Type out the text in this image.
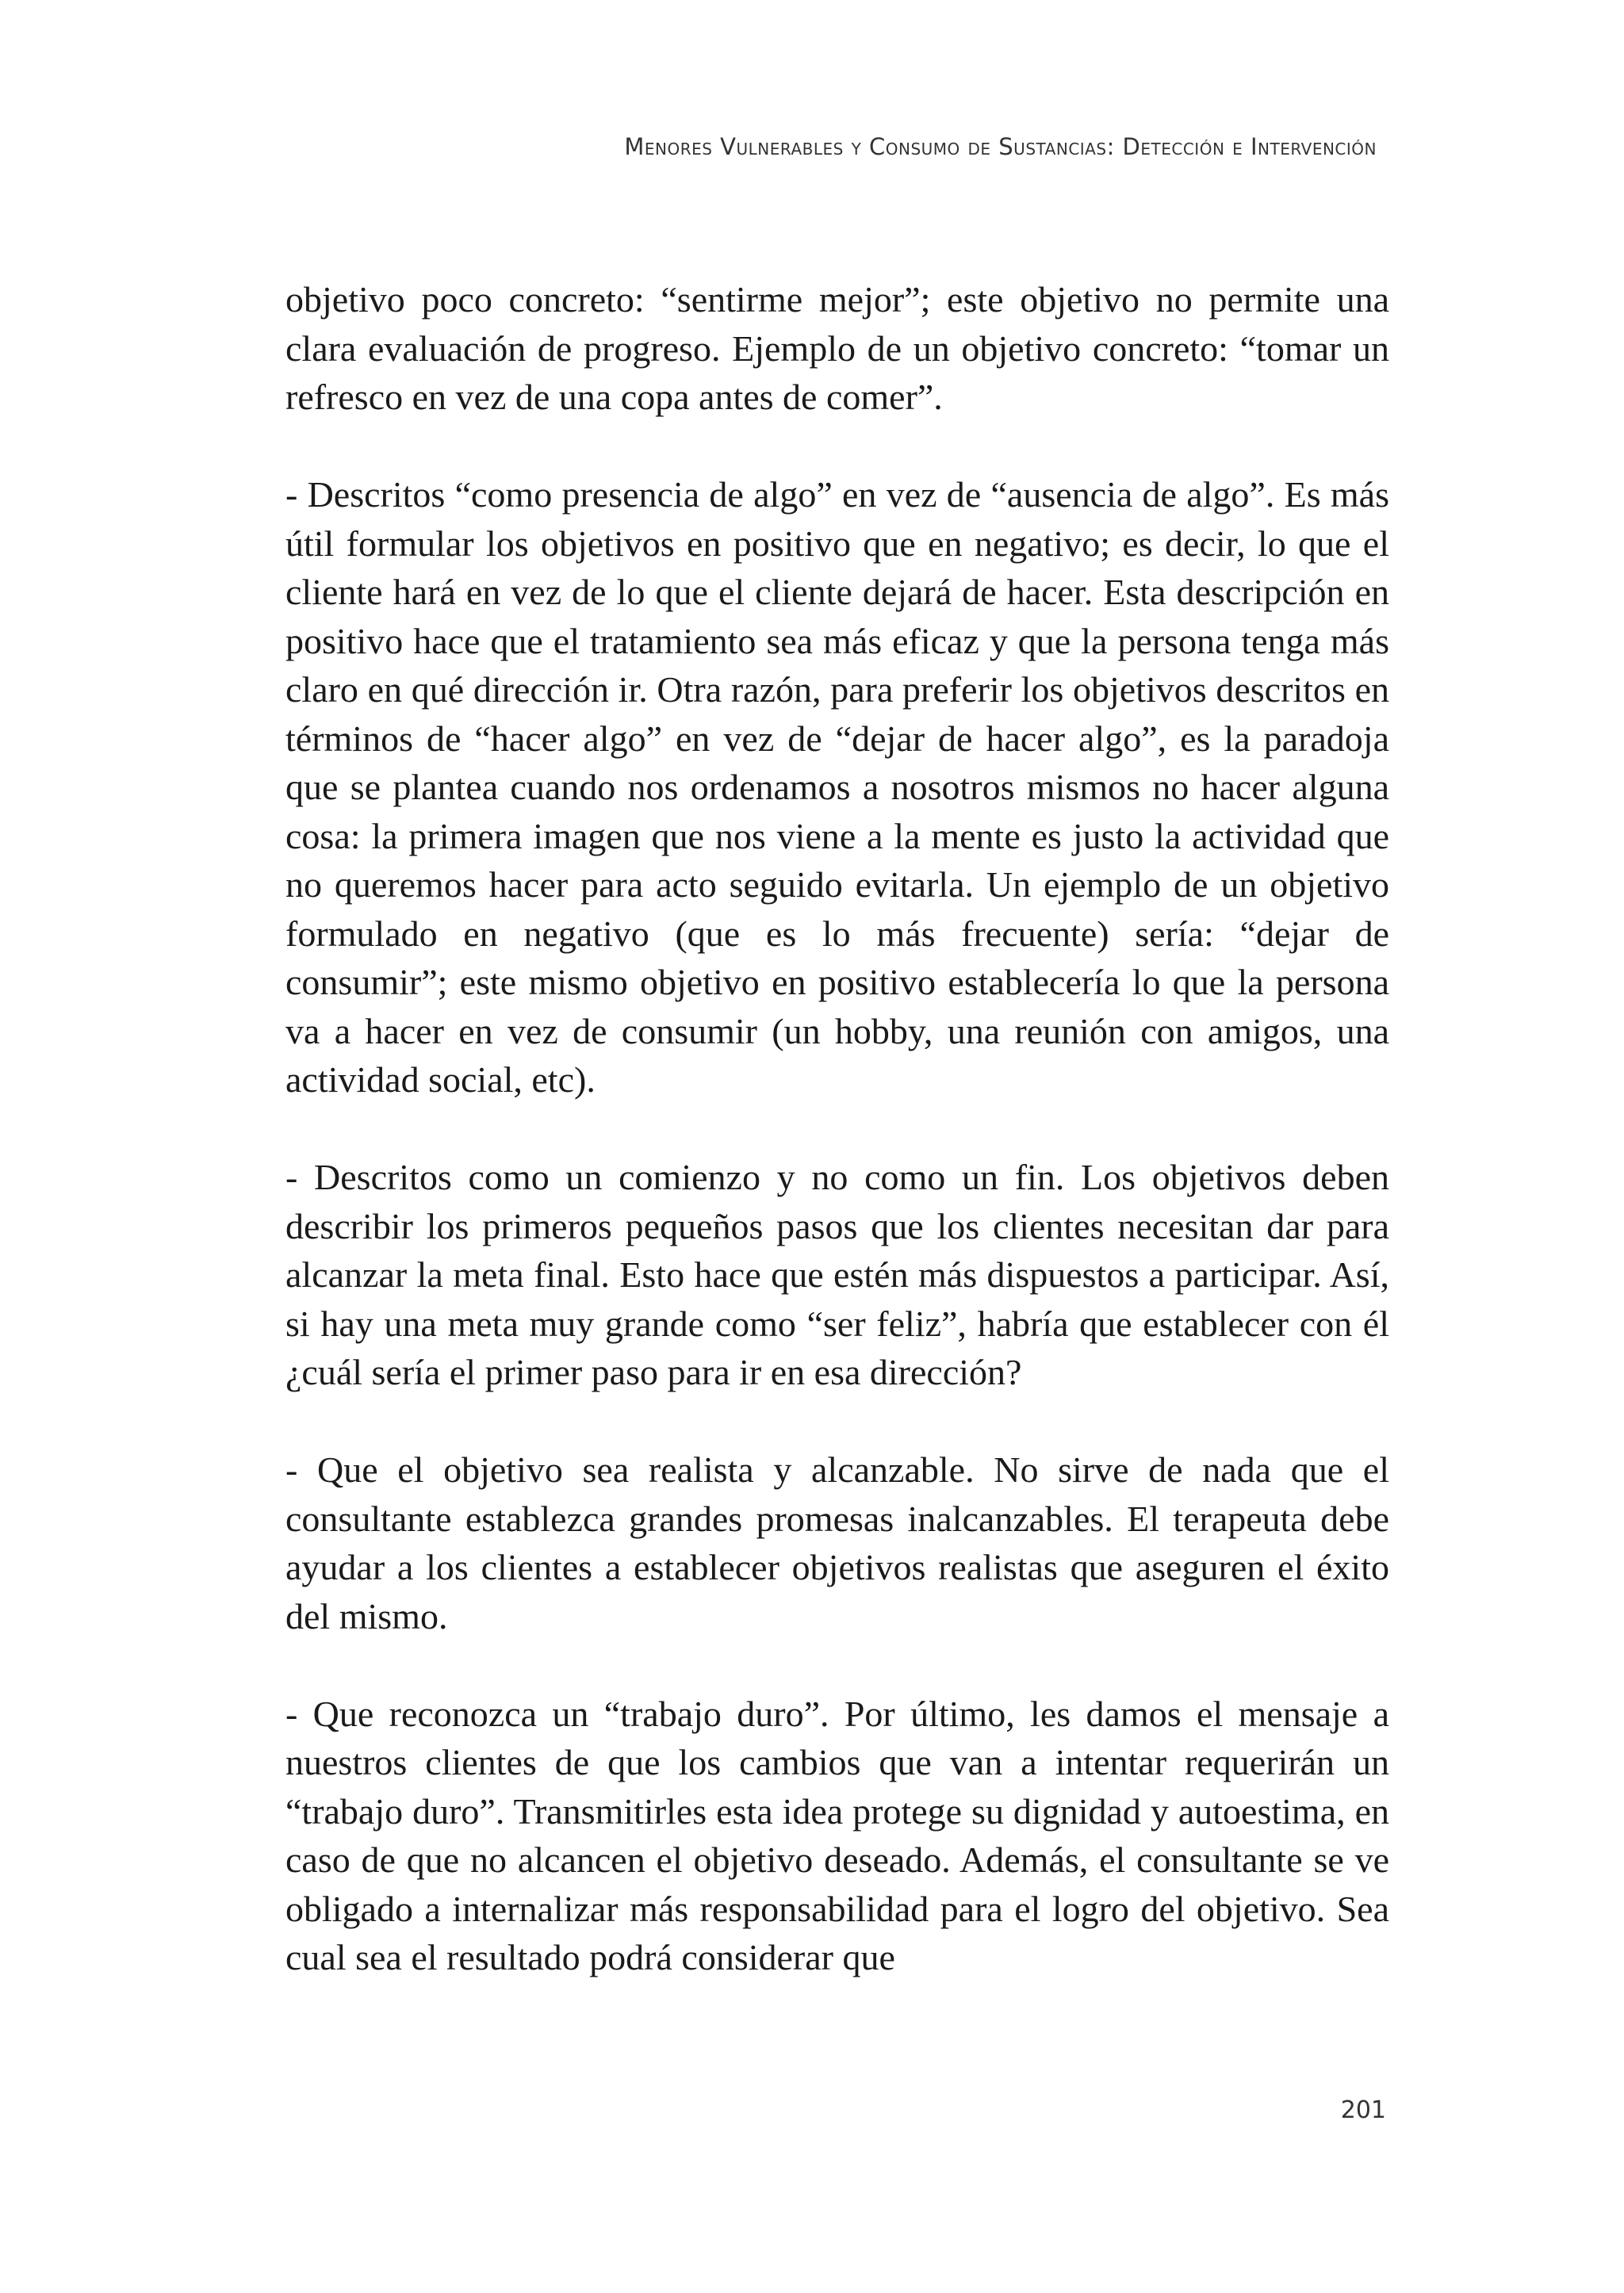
Menores Vulnerables y Consumo de Sustancias: Detección e Intervención

objetivo poco concreto: “sentirme mejor”; este objetivo no permite una clara evaluación de progreso. Ejemplo de un objetivo concreto: “tomar un refresco en vez de una copa antes de comer”.

- Descritos “como presencia de algo” en vez de “ausencia de algo”. Es más útil formular los objetivos en positivo que en negativo; es decir, lo que el cliente hará en vez de lo que el cliente dejará de hacer. Esta descripción en positivo hace que el tratamiento sea más eficaz y que la persona tenga más claro en qué dirección ir. Otra razón, para preferir los objetivos descritos en términos de “hacer algo” en vez de “dejar de hacer algo”, es la paradoja que se plantea cuando nos ordenamos a nosotros mismos no hacer alguna cosa: la primera imagen que nos viene a la mente es justo la actividad que no queremos hacer para acto seguido evitarla. Un ejemplo de un objetivo formulado en negativo (que es lo más frecuente) sería: “dejar de consumir”; este mismo objetivo en positivo establecería lo que la persona va a hacer en vez de consumir (un hobby, una reunión con amigos, una actividad social, etc).

- Descritos como un comienzo y no como un fin. Los objetivos deben describir los primeros pequeños pasos que los clientes necesitan dar para alcanzar la meta final. Esto hace que estén más dispuestos a participar. Así, si hay una meta muy grande como “ser feliz”, habría que establecer con él ¿cuál sería el primer paso para ir en esa dirección?

- Que el objetivo sea realista y alcanzable. No sirve de nada que el consultante establezca grandes promesas inalcanzables. El terapeuta debe ayudar a los clientes a establecer objetivos realistas que aseguren el éxito del mismo.

- Que reconozca un “trabajo duro”. Por último, les damos el mensaje a nuestros clientes de que los cambios que van a intentar requerirán un “trabajo duro”. Transmitirles esta idea protege su dignidad y autoestima, en caso de que no alcancen el objetivo deseado. Además, el consultante se ve obligado a internalizar más responsabilidad para el logro del objetivo. Sea cual sea el resultado podrá considerar que

201
